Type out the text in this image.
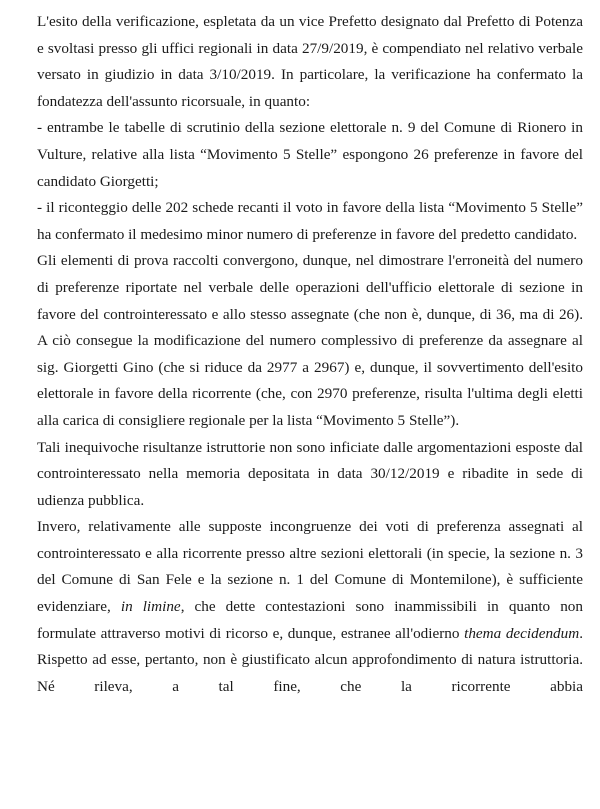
L'esito della verificazione, espletata da un vice Prefetto designato dal Prefetto di Potenza e svoltasi presso gli uffici regionali in data 27/9/2019, è compendiato nel relativo verbale versato in giudizio in data 3/10/2019. In particolare, la verificazione ha confermato la fondatezza dell'assunto ricorsuale, in quanto:

- entrambe le tabelle di scrutinio della sezione elettorale n. 9 del Comune di Rionero in Vulture, relative alla lista “Movimento 5 Stelle” espongono 26 preferenze in favore del candidato Giorgetti;

- il riconteggio delle 202 schede recanti il voto in favore della lista “Movimento 5 Stelle” ha confermato il medesimo minor numero di preferenze in favore del predetto candidato.

Gli elementi di prova raccolti convergono, dunque, nel dimostrare l'erroneità del numero di preferenze riportate nel verbale delle operazioni dell'ufficio elettorale di sezione in favore del controinteressato e allo stesso assegnate (che non è, dunque, di 36, ma di 26). A ciò consegue la modificazione del numero complessivo di preferenze da assegnare al sig. Giorgetti Gino (che si riduce da 2977 a 2967) e, dunque, il sovvertimento dell'esito elettorale in favore della ricorrente (che, con 2970 preferenze, risulta l'ultima degli eletti alla carica di consigliere regionale per la lista “Movimento 5 Stelle”).

Tali inequivoche risultanze istruttorie non sono inficiate dalle argomentazioni esposte dal controinteressato nella memoria depositata in data 30/12/2019 e ribadite in sede di udienza pubblica.

Invero, relativamente alle supposte incongruenze dei voti di preferenza assegnati al controinteressato e alla ricorrente presso altre sezioni elettorali (in specie, la sezione n. 3 del Comune di San Fele e la sezione n. 1 del Comune di Montemilone), è sufficiente evidenziare, in limine, che dette contestazioni sono inammissibili in quanto non formulate attraverso motivi di ricorso e, dunque, estranee all'odierno thema decidendum. Rispetto ad esse, pertanto, non è giustificato alcun approfondimento di natura istruttoria. Né rileva, a tal fine, che la ricorrente abbia
